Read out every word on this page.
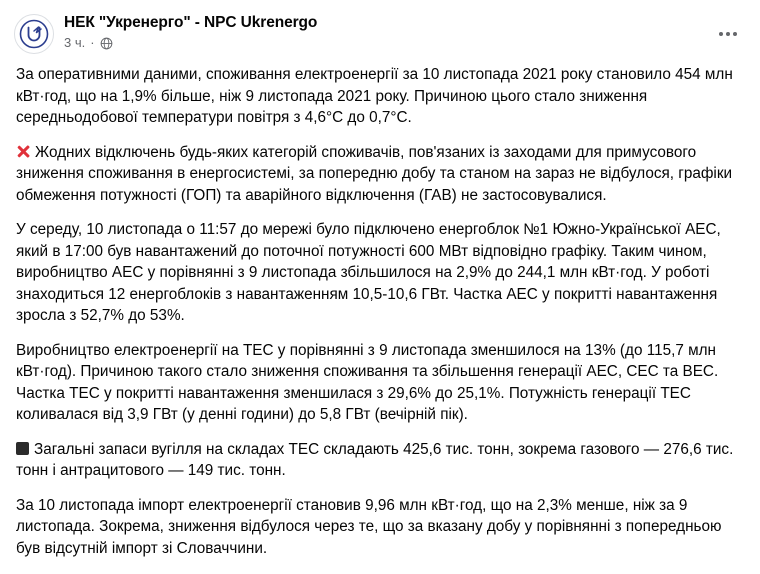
НЕК "Укренерго" - NPC Ukrenergo
3 ч. ·

За оперативними даними, споживання електроенергії за 10 листопада 2021 року становило 454 млн кВт·год, що на 1,9% більше, ніж 9 листопада 2021 року. Причиною цього стало зниження середньодобової температури повітря з 4,6°С до 0,7°С.

Жодних відключень будь-яких категорій споживачів, пов'язаних із заходами для примусового зниження споживання в енергосистемі, за попередню добу та станом на зараз не відбулося, графіки обмеження потужності (ГОП) та аварійного відключення (ГАВ) не застосовувалися.

У середу, 10 листопада о 11:57 до мережі було підключено енергоблок №1 Южно-Української АЕС, який в 17:00 був навантажений до поточної потужності 600 МВт відповідно графіку. Таким чином, виробництво АЕС у порівнянні з 9 листопада збільшилося на 2,9% до 244,1 млн кВт·год. У роботі знаходиться 12 енергоблоків з навантаженням 10,5-10,6 ГВт. Частка АЕС у покритті навантаження зросла з 52,7% до 53%.

Виробництво електроенергії на ТЕС у порівнянні з 9 листопада зменшилося на 13% (до 115,7 млн кВт·год). Причиною такого стало зниження споживання та збільшення генерації АЕС, СЕС та ВЕС. Частка ТЕС у покритті навантаження зменшилася з 29,6% до 25,1%. Потужність генерації ТЕС коливалася від 3,9 ГВт (у денні години) до 5,8 ГВт (вечірній пік).

Загальні запаси вугілля на складах ТЕС складають 425,6 тис. тонн, зокрема газового — 276,6 тис. тонн і антрацитового — 149 тис. тонн.

За 10 листопада імпорт електроенергії становив 9,96 млн кВт·год, що на 2,3% менше, ніж за 9 листопада. Зокрема, зниження відбулося через те, що за вказану добу у порівнянні з попередньою був відсутній імпорт зі Словаччини.
